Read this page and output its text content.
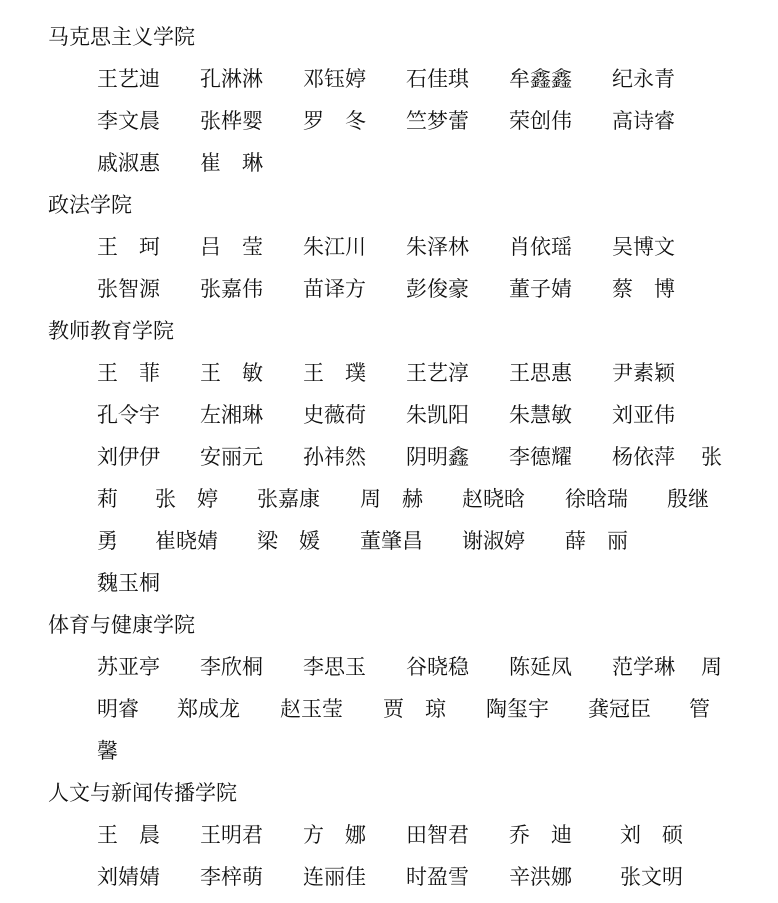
马克思主义学院
王艺迪 孔淋淋 邓钰婷 石佳琪 牟鑫鑫 纪永青
李文晨 张桦婴 罗　冬 竺梦蕾 荣创伟 高诗睿
戚淑惠 崔　琳
政法学院
王　珂 吕　莹 朱江川 朱泽林 肖依瑶 吴博文
张智源 张嘉伟 苗译方 彭俊豪 董子婧 蔡　博
教师教育学院
王　菲 王　敏 王　璞 王艺淳 王思惠 尹素颖
孔令宇 左湘琳 史薇荷 朱凯阳 朱慧敏 刘亚伟
刘伊伊 安丽元 孙祎然 阴明鑫 李德耀 杨依萍 张
莉 张　婷 张嘉康 周　赫 赵晓晗 徐晗瑞 殷继
勇 崔晓婧 梁　媛 董肇昌 谢淑婷 薛　丽
魏玉桐
体育与健康学院
苏亚亭 李欣桐 李思玉 谷晓稳 陈延凤 范学琳 周
明睿 郑成龙 赵玉莹 贾　琼 陶玺宇 龚冠臣 管
馨
人文与新闻传播学院
王　晨 王明君 方　娜 田智君 乔　迪 刘　硕
刘婧婧 李梓萌 连丽佳 时盈雪 辛洪娜 张文明
